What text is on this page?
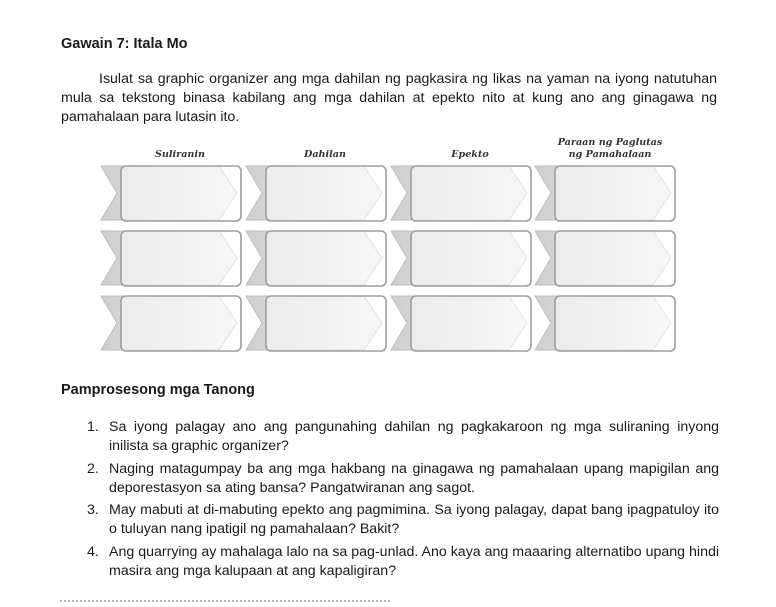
Gawain 7: Itala Mo

Isulat sa graphic organizer ang mga dahilan ng pagkasira ng likas na yaman na iyong natutuhan mula sa tekstong binasa kabilang ang mga dahilan at epekto nito at kung ano ang ginagawa ng pamahalaan para lutasin ito.

Suliranin	Dahilan	Epekto
Paraan ng Paglutas
ng Pamahalaan
Pamprosesong mga Tanong
1. Sa iyong palagay ano ang pangunahing dahilan ng pagkakaroon ng mga suliraning inyong inilista sa graphic organizer?
2. Naging matagumpay ba ang mga hakbang na ginagawa ng pamahalaan upang mapigilan ang deporestasyon sa ating bansa? Pangatwiranan ang sagot.
3. May mabuti at di-mabuting epekto ang pagmimina. Sa iyong palagay, dapat bang ipagpatuloy ito o tuluyan nang ipatigil ng pamahalaan? Bakit?
4. Ang quarrying ay mahalaga lalo na sa pag-unlad. Ano kaya ang maaaring alternatibo upang hindi masira ang mga kalupaan at ang kapaligiran?
